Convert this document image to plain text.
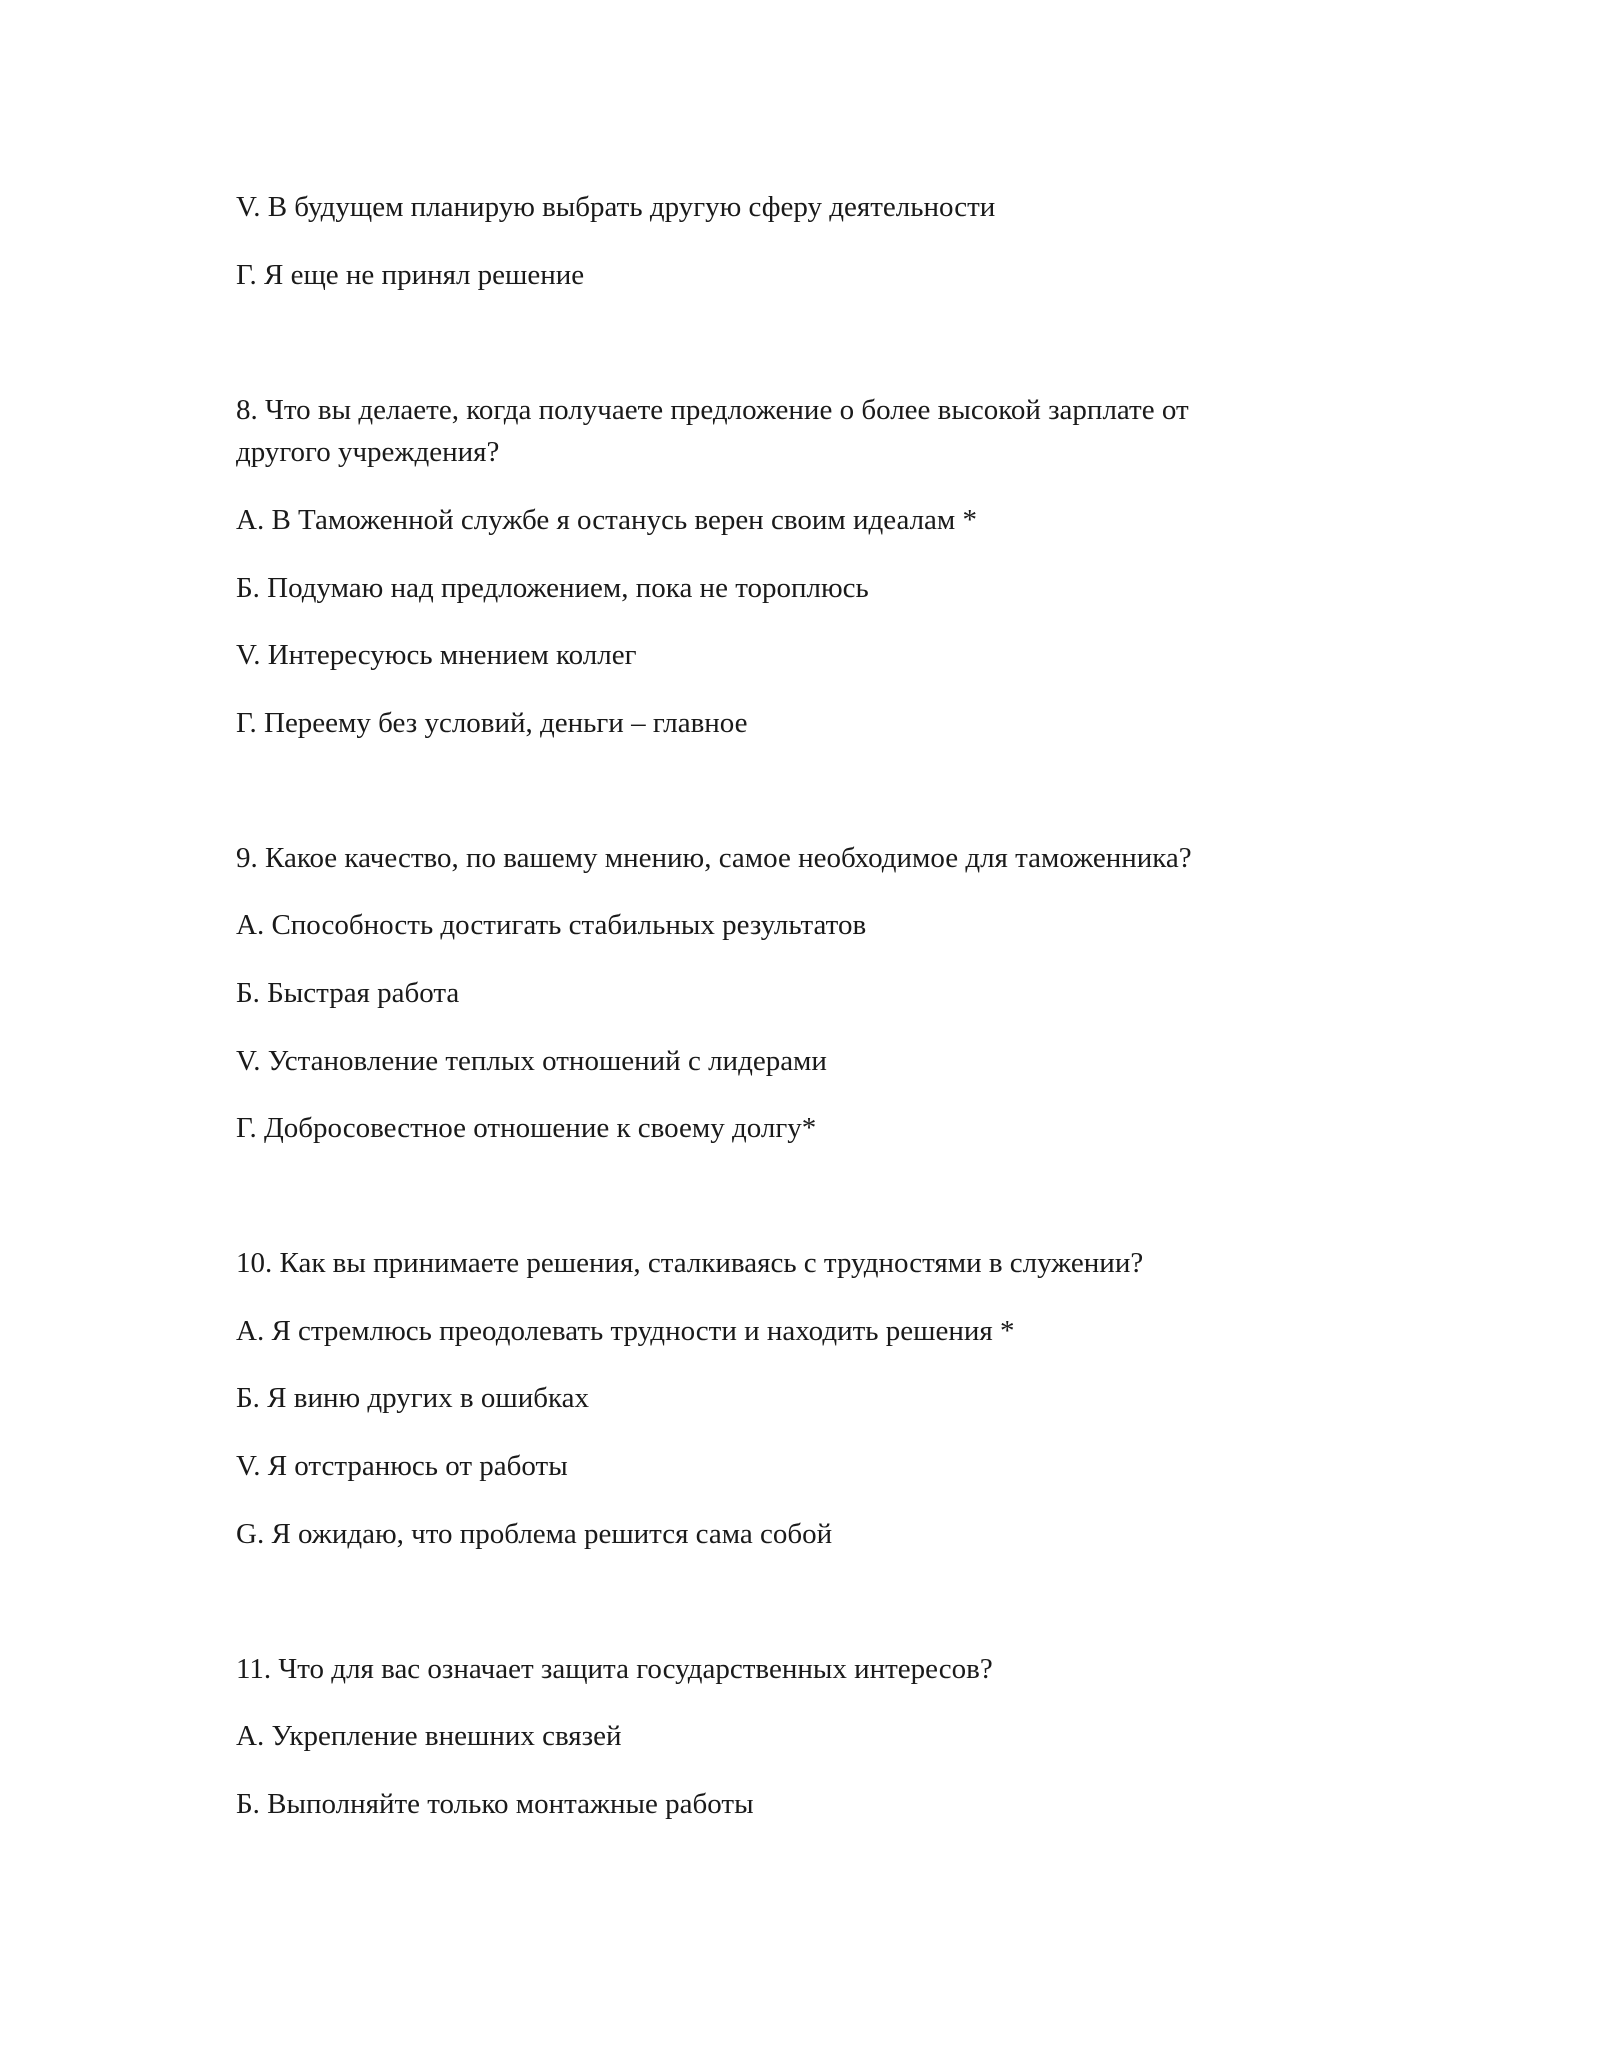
V. В будущем планирую выбрать другую сферу деятельности
Г. Я еще не принял решение
8. Что вы делаете, когда получаете предложение о более высокой зарплате от
другого учреждения?
A. В Таможенной службе я останусь верен своим идеалам *
Б. Подумаю над предложением, пока не тороплюсь
V. Интересуюсь мнением коллег
Г. Переему без условий, деньги – главное
9. Какое качество, по вашему мнению, самое необходимое для таможенника?
A. Способность достигать стабильных результатов
Б. Быстрая работа
V. Установление теплых отношений с лидерами
Г. Добросовестное отношение к своему долгу*
10. Как вы принимаете решения, сталкиваясь с трудностями в служении?
A. Я стремлюсь преодолевать трудности и находить решения *
Б. Я виню других в ошибках
V. Я отстранюсь от работы
G. Я ожидаю, что проблема решится сама собой
11. Что для вас означает защита государственных интересов?
A. Укрепление внешних связей
Б. Выполняйте только монтажные работы
